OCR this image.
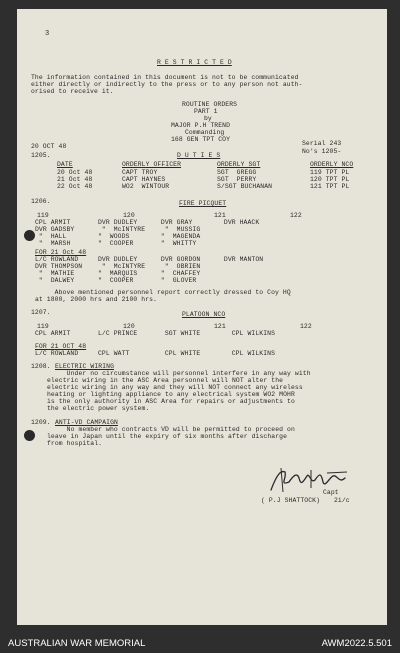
3
R E S T R I C T E D
The information contained in this document is not to be communicated
either directly or indirectly to the press or to any person not auth-
orised to receive it.
ROUTINE ORDERS
PART 1
by
MAJOR P.H TREND
Commanding
168 GEN TPT COY
20 OCT 48	Serial 243
No's 1205-
1205.	D U T I E S
DATE	ORDERLY OFFICER	ORDERLY SGT	ORDERLY NCO
20 Oct 48	CAPT TROY	SGT  GREGG	119 TPT PL
21 Oct 48	CAPT HAYNES	SGT  PERRY	120 TPT PL
22 Oct 48	WO2  WINTOUR	S/SGT BUCHANAN	121 TPT PL
1206.	FIRE PICQUET
119	120	121	122
CPL ARMIT       DVR DUDLEY      DVR GRAY        DVR HAACK
DVR GADSBY       "  McINTYRE     "  MUSSIG
"  HALL        "  WOODS        "  MAGENDA
"  MARSH       "  COOPER       "  WHITTY
FOR 21 Oct 48
L/C ROWLAND     DVR DUDLEY      DVR GORDON      DVR MANTON
DVR THOMPSON     "  McINTYRE     "  OBRIEN
"  MATHIE      "  MARQUIS      "  CHAFFEY
"  DALWEY      "  COOPER       "  GLOVER
Above mentioned personnel report correctly dressed to Coy HQ
at 1800, 2000 hrs and 2100 hrs.
1207.	PLATOON NCO
119	120	121	122
CPL ARMIT       L/C PRINCE       SGT WHITE        CPL WILKINS
FOR 21 OCT 48
L/C ROWLAND     CPL WATT         CPL WHITE        CPL WILKINS
1208. ELECTRIC WIRING
Under no circumstance will personnel interfere in any way with
electric wiring in the ASC Area personnel will NOT alter the
electric wiring in any way and they will NOT connect any wireless
heating or lighting appliance to any electrical system WO2 MOHR
is the only authority in ASC Area for repairs or adjustments to
the electric power system.
1209. ANTI-VD CAMPAIGN
No member who contracts VD will be permitted to proceed on
leave in Japan until the expiry of six months after discharge
from hospital.
Capt
( P.J SHATTOCK) 2i/c
AUSTRALIAN WAR MEMORIAL	AWM2022.5.501
